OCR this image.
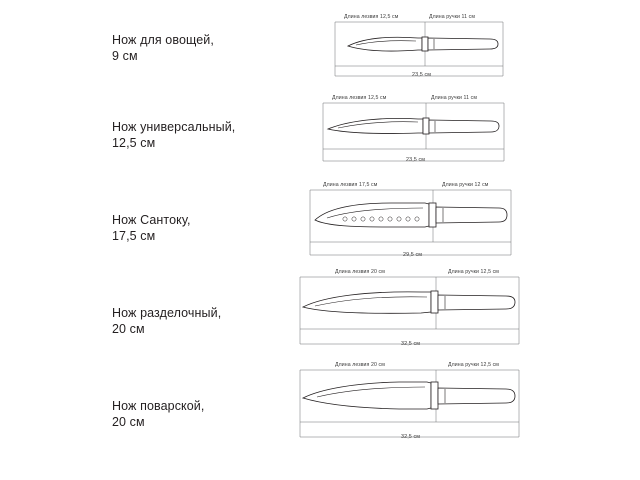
Нож для овощей,
9 см
Длина лезвия 12,5 см	Длина ручки 11 см
23,5 см
Нож универсальный,
12,5 см
Длина лезвия 12,5 см	Длина ручки 11 см
23,5 см
Нож Сантоку,
17,5 см
Длина лезвия 17,5 см	Длина ручки 12 см
29,5 см
Нож разделочный,
20 см
Длина лезвия 20 см	Длина ручки 12,5 см
32,5 см
Нож поварской,
20 см
Длина лезвия 20 см	Длина ручки 12,5 см
32,5 см
